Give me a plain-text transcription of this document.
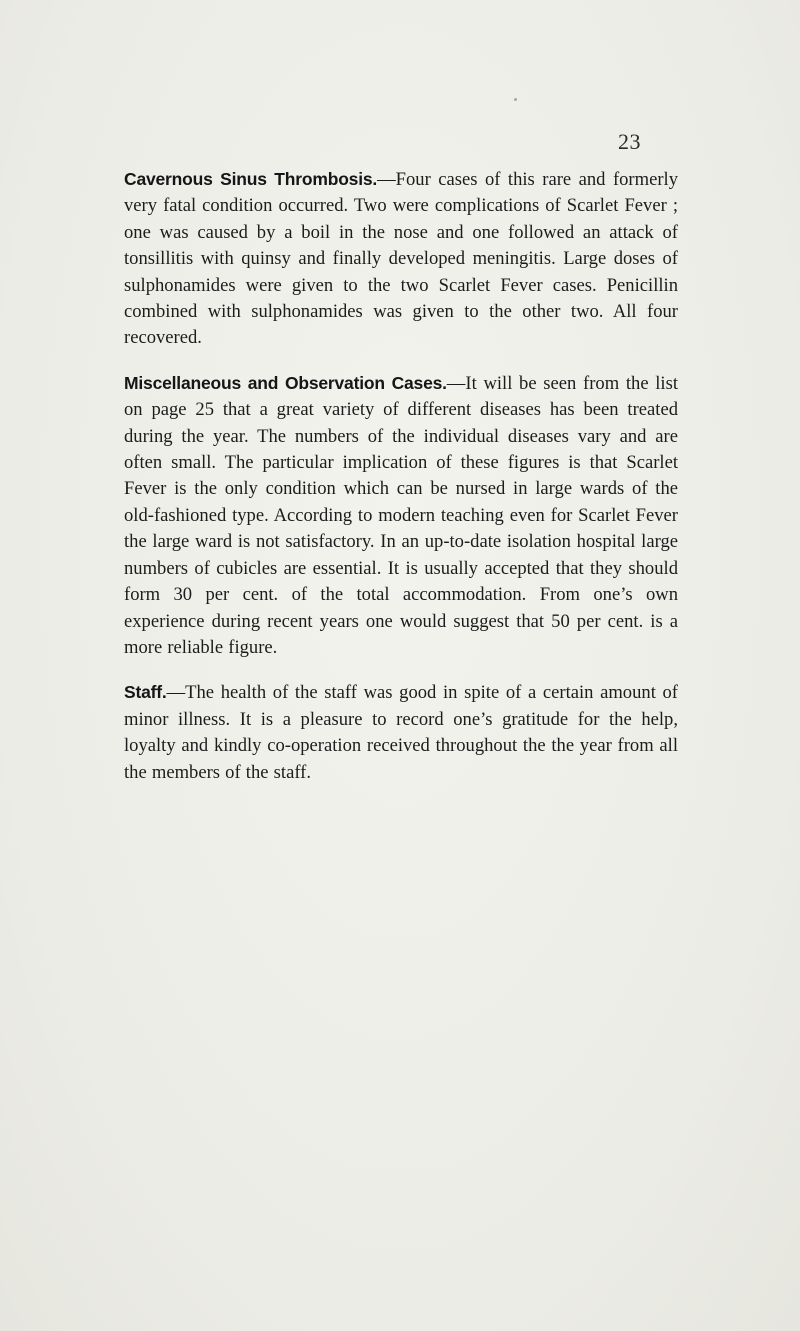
23

Cavernous Sinus Thrombosis.—Four cases of this rare and formerly very fatal condition occurred. Two were complications of Scarlet Fever ; one was caused by a boil in the nose and one followed an attack of tonsillitis with quinsy and finally developed meningitis. Large doses of sulphonamides were given to the two Scarlet Fever cases. Penicillin combined with sulphonamides was given to the other two. All four recovered.

Miscellaneous and Observation Cases.—It will be seen from the list on page 25 that a great variety of different diseases has been treated during the year. The numbers of the individual diseases vary and are often small. The particular implication of these figures is that Scarlet Fever is the only condition which can be nursed in large wards of the old-fashioned type. According to modern teaching even for Scarlet Fever the large ward is not satisfactory. In an up-to-date isolation hospital large numbers of cubicles are essential. It is usually accepted that they should form 30 per cent. of the total accommodation. From one’s own experience during recent years one would suggest that 50 per cent. is a more reliable figure.

Staff.—The health of the staff was good in spite of a certain amount of minor illness. It is a pleasure to record one’s gratitude for the help, loyalty and kindly co-operation received throughout the the year from all the members of the staff.
